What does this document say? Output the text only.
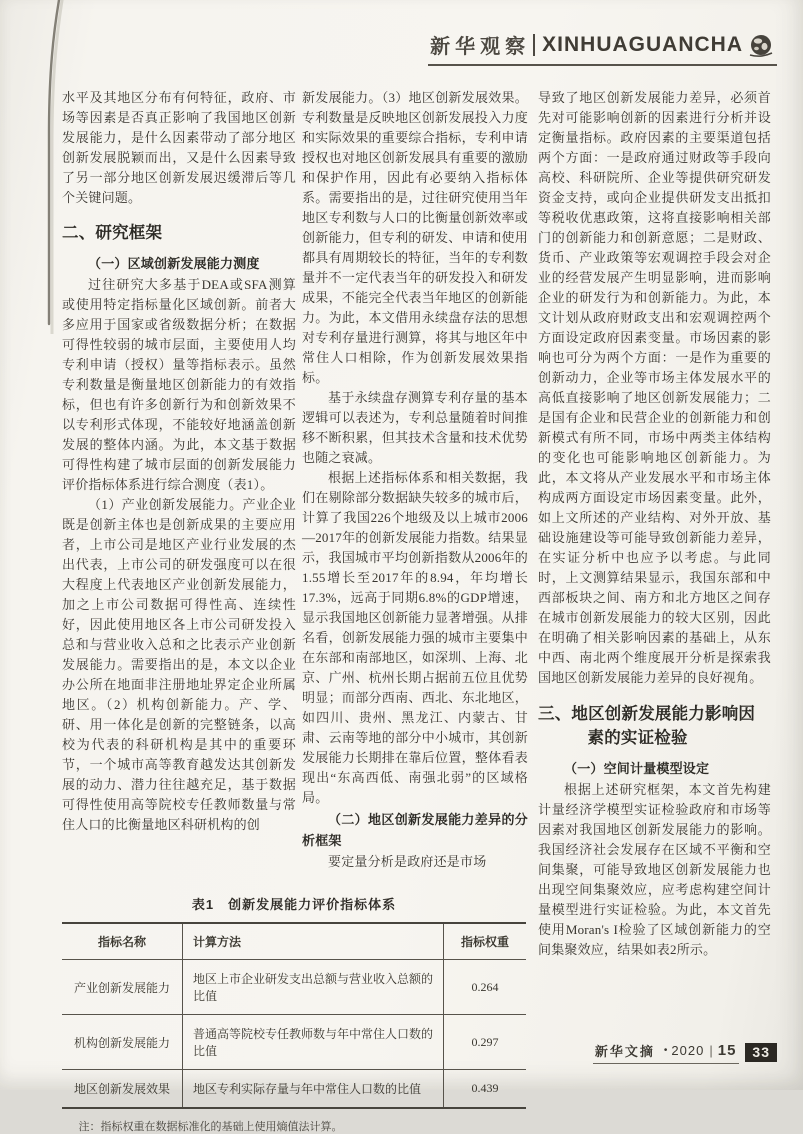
新华观察 XINHUAGUANCHA
水平及其地区分布有何特征，政府、市场等因素是否真正影响了我国地区创新发展能力，是什么因素带动了部分地区创新发展脱颖而出，又是什么因素导致了另一部分地区创新发展迟缓滞后等几个关键问题。
二、研究框架
（一）区域创新发展能力测度
过往研究大多基于DEA或SFA测算或使用特定指标量化区域创新。前者大多应用于国家或省级数据分析；在数据可得性较弱的城市层面，主要使用人均专利申请（授权）量等指标表示。虽然专利数量是衡量地区创新能力的有效指标，但也有许多创新行为和创新效果不以专利形式体现，不能较好地涵盖创新发展的整体内涵。为此，本文基于数据可得性构建了城市层面的创新发展能力评价指标体系进行综合测度（表1）。
（1）产业创新发展能力。产业企业既是创新主体也是创新成果的主要应用者，上市公司是地区产业行业发展的杰出代表，上市公司的研发强度可以在很大程度上代表地区产业创新发展能力，加之上市公司数据可得性高、连续性好，因此使用地区各上市公司研发投入总和与营业收入总和之比表示产业创新发展能力。需要指出的是，本文以企业办公所在地面非注册地址界定企业所属地区。（2）机构创新能力。产、学、研、用一体化是创新的完整链条，以高校为代表的科研机构是其中的重要环节，一个城市高等教育越发达其创新发展的动力、潜力往往越充足，基于数据可得性使用高等院校专任教师数量与常住人口的比衡量地区科研机构的创
新发展能力。（3）地区创新发展效果。专利数量是反映地区创新发展投入力度和实际效果的重要综合指标，专利申请授权也对地区创新发展具有重要的激励和保护作用，因此有必要纳入指标体系。需要指出的是，过往研究使用当年地区专利数与人口的比衡量创新效率或创新能力，但专利的研发、申请和使用都具有周期较长的特征，当年的专利数量并不一定代表当年的研发投入和研发成果，不能完全代表当年地区的创新能力。为此，本文借用永续盘存法的思想对专利存量进行测算，将其与地区年中常住人口相除，作为创新发展效果指标。
基于永续盘存测算专利存量的基本逻辑可以表述为，专利总量随着时间推移不断积累，但其技术含量和技术优势也随之衰减。
根据上述指标体系和相关数据，我们在剔除部分数据缺失较多的城市后，计算了我国226个地级及以上城市2006—2017年的创新发展能力指数。结果显示，我国城市平均创新指数从2006年的1.55增长至2017年的8.94，年均增长17.3%，远高于同期6.8%的GDP增速，显示我国地区创新能力显著增强。从排名看，创新发展能力强的城市主要集中在东部和南部地区，如深圳、上海、北京、广州、杭州长期占据前五位且优势明显；而部分西南、西北、东北地区，如四川、贵州、黑龙江、内蒙古、甘肃、云南等地的部分中小城市，其创新发展能力长期排在靠后位置，整体看表现出“东高西低、南强北弱”的区域格局。
（二）地区创新发展能力差异的分析框架
要定量分析是政府还是市场
导致了地区创新发展能力差异，必须首先对可能影响创新的因素进行分析并设定衡量指标。政府因素的主要渠道包括两个方面：一是政府通过财政等手段向高校、科研院所、企业等提供研究研发资金支持，或向企业提供研发支出抵扣等税收优惠政策，这将直接影响相关部门的创新能力和创新意愿；二是财政、货币、产业政策等宏观调控手段会对企业的经营发展产生明显影响，进而影响企业的研发行为和创新能力。为此，本文计划从政府财政支出和宏观调控两个方面设定政府因素变量。市场因素的影响也可分为两个方面：一是作为重要的创新动力，企业等市场主体发展水平的高低直接影响了地区创新发展能力；二是国有企业和民营企业的创新能力和创新模式有所不同，市场中两类主体结构的变化也可能影响地区创新能力。为此，本文将从产业发展水平和市场主体构成两方面设定市场因素变量。此外，如上文所述的产业结构、对外开放、基础设施建设等可能导致创新能力差异，在实证分析中也应予以考虑。与此同时，上文测算结果显示，我国东部和中西部板块之间、南方和北方地区之间存在城市创新发展能力的较大区别，因此在明确了相关影响因素的基础上，从东中西、南北两个维度展开分析是探索我国地区创新发展能力差异的良好视角。
三、地区创新发展能力影响因素的实证检验
（一）空间计量模型设定
根据上述研究框架，本文首先构建计量经济学模型实证检验政府和市场等因素对我国地区创新发展能力的影响。我国经济社会发展存在区域不平衡和空间集聚，可能导致地区创新发展能力也出现空间集聚效应，应考虑构建空间计量模型进行实证检验。为此，本文首先使用Moran's I检验了区域创新能力的空间集聚效应，结果如表2所示。
表1　创新发展能力评价指标体系
指标名称	计算方法	指标权重
产业创新发展能力	地区上市企业研发支出总额与营业收入总额的比值	0.264
机构创新发展能力	普通高等院校专任教师数与年中常住人口数的比值	0.297
地区创新发展效果	地区专利实际存量与年中常住人口数的比值	0.439
注：指标权重在数据标准化的基础上使用熵值法计算。
新华文摘 • 2020 | 15	33
